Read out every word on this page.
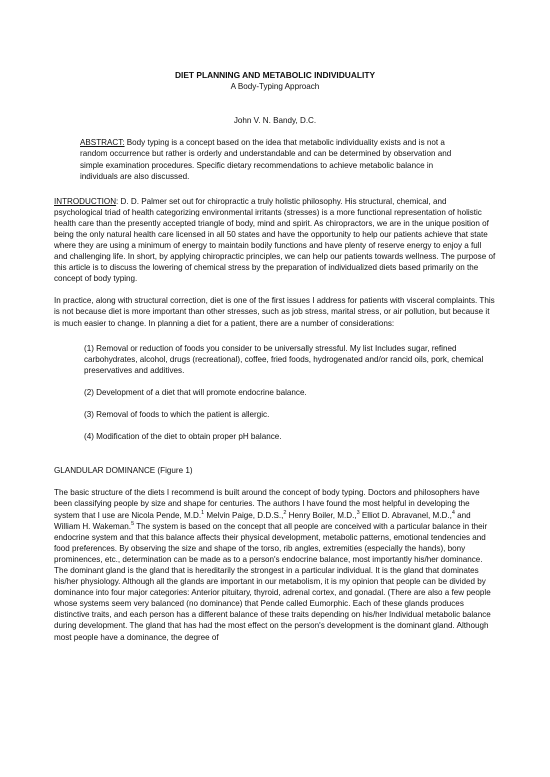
DIET PLANNING AND METABOLIC INDIVIDUALITY
A Body-Typing Approach
John V. N. Bandy, D.C.

ABSTRACT: Body typing is a concept based on the idea that metabolic individuality exists and is not a random occurrence but rather is orderly and understandable and can be determined by observation and simple examination procedures. Specific dietary recommendations to achieve metabolic balance in individuals are also discussed.

INTRODUCTION: D. D. Palmer set out for chiropractic a truly holistic philosophy. His structural, chemical, and psychological triad of health categorizing environmental irritants (stresses) is a more functional representation of holistic health care than the presently accepted triangle of body, mind and spirit. As chiropractors, we are in the unique position of being the only natural health care licensed in all 50 states and have the opportunity to help our patients achieve that state where they are using a minimum of energy to maintain bodily functions and have plenty of reserve energy to enjoy a full and challenging life. In short, by applying chiropractic principles, we can help our patients towards wellness. The purpose of this article is to discuss the lowering of chemical stress by the preparation of individualized diets based primarily on the concept of body typing.

In practice, along with structural correction, diet is one of the first issues I address for patients with visceral complaints. This is not because diet is more important than other stresses, such as job stress, marital stress, or air pollution, but because it is much easier to change. In planning a diet for a patient, there are a number of considerations:

(1) Removal or reduction of foods you consider to be universally stressful. My list Includes sugar, refined carbohydrates, alcohol, drugs (recreational), coffee, fried foods, hydrogenated and/or rancid oils, pork, chemical preservatives and additives.
(2) Development of a diet that will promote endocrine balance.
(3) Removal of foods to which the patient is allergic.
(4) Modification of the diet to obtain proper pH balance.
GLANDULAR DOMINANCE (Figure 1)

The basic structure of the diets I recommend is built around the concept of body typing. Doctors and philosophers have been classifying people by size and shape for centuries. The authors I have found the most helpful in developing the system that I use are Nicola Pende, M.D.$^1$ Melvin Paige, D.D.S.,$^2$ Henry Boiler, M.D.,$^3$ Elliot D. Abravanel, M.D.,$^4$ and William H. Wakeman.$^5$ The system is based on the concept that all people are conceived with a particular balance in their endocrine system and that this balance affects their physical development, metabolic patterns, emotional tendencies and food preferences. By observing the size and shape of the torso, rib angles, extremities (especially the hands), bony prominences, etc., determination can be made as to a person's endocrine balance, most importantly his/her dominance. The dominant gland is the gland that is hereditarily the strongest in a particular individual. It is the gland that dominates his/her physiology. Although all the glands are important in our metabolism, it is my opinion that people can be divided by dominance into four major categories: Anterior pituitary, thyroid, adrenal cortex, and gonadal. (There are also a few people whose systems seem very balanced (no dominance) that Pende called Eumorphic. Each of these glands produces distinctive traits, and each person has a different balance of these traits depending on his/her Individual metabolic balance during development. The gland that has had the most effect on the person's development is the dominant gland. Although most people have a dominance, the degree of
